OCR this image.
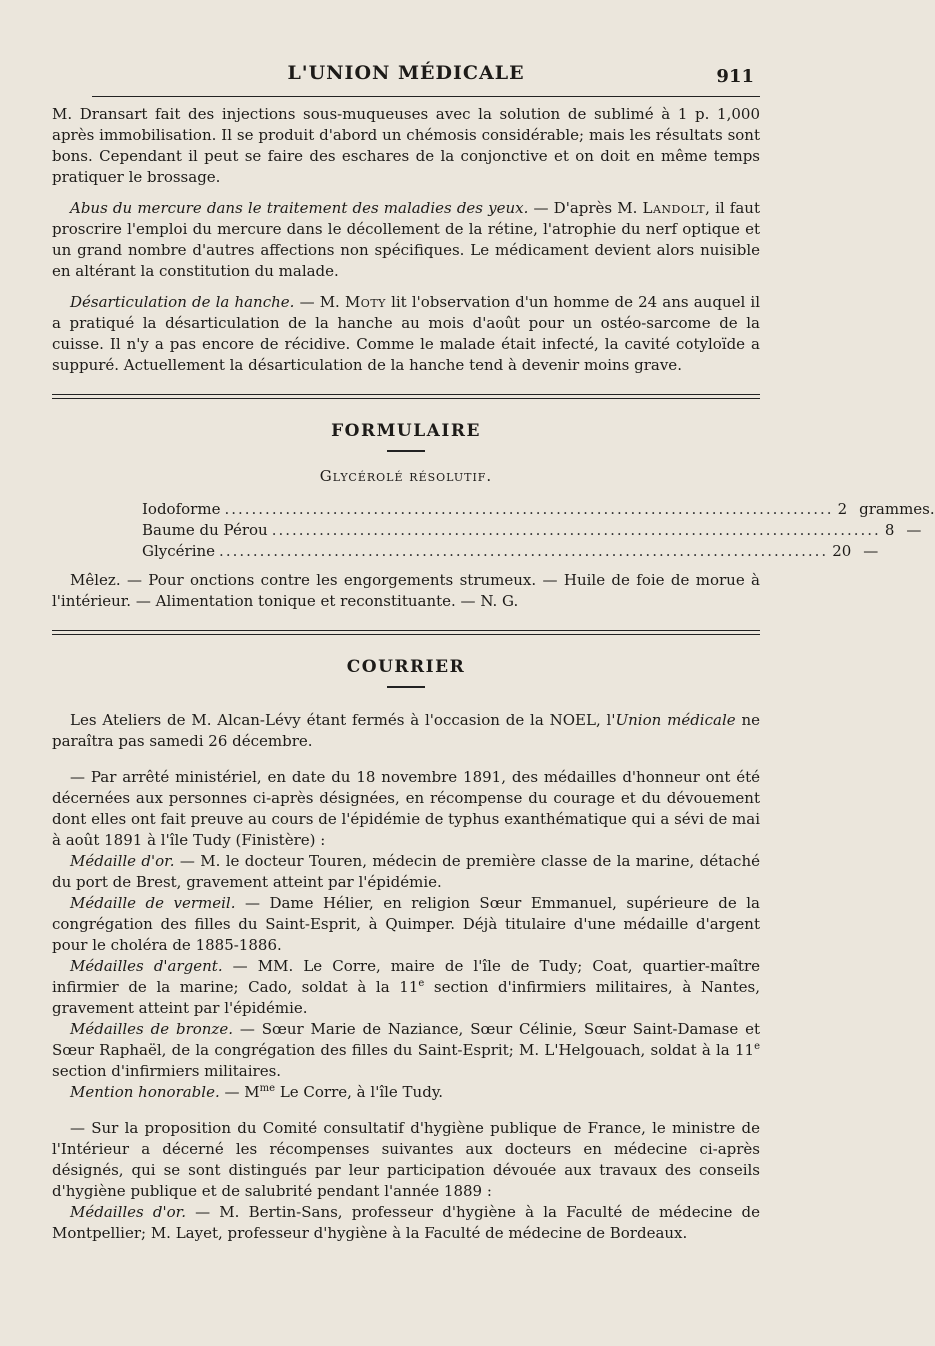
L'UNION MÉDICALE	911

M. Dransart fait des injections sous-muqueuses avec la solution de sublimé à 1 p. 1,000 après immobilisation. Il se produit d'abord un chémosis considérable; mais les résultats sont bons. Cependant il peut se faire des eschares de la conjonctive et on doit en même temps pratiquer le brossage.

Abus du mercure dans le traitement des maladies des yeux. — D'après M. Landolt, il faut proscrire l'emploi du mercure dans le décollement de la rétine, l'atrophie du nerf optique et un grand nombre d'autres affections non spécifiques. Le médicament devient alors nuisible en altérant la constitution du malade.

Désarticulation de la hanche. — M. Moty lit l'observation d'un homme de 24 ans auquel il a pratiqué la désarticulation de la hanche au mois d'août pour un ostéo-sarcome de la cuisse. Il n'y a pas encore de récidive. Comme le malade était infecté, la cavité cotyloïde a suppuré. Actuellement la désarticulation de la hanche tend à devenir moins grave.

FORMULAIRE
Glycérolé résolutif.
Iodoforme .......................................................................................... 2 grammes.
Baume du Pérou .......................................................................................... 8 —
Glycérine .......................................................................................... 20 —

Mêlez. — Pour onctions contre les engorgements strumeux. — Huile de foie de morue à l'intérieur. — Alimentation tonique et reconstituante. — N. G.

COURRIER

Les Ateliers de M. Alcan-Lévy étant fermés à l'occasion de la NOEL, l'Union médicale ne paraîtra pas samedi 26 décembre.

— Par arrêté ministériel, en date du 18 novembre 1891, des médailles d'honneur ont été décernées aux personnes ci-après désignées, en récompense du courage et du dévouement dont elles ont fait preuve au cours de l'épidémie de typhus exanthématique qui a sévi de mai à août 1891 à l'île Tudy (Finistère) :

Médaille d'or. — M. le docteur Touren, médecin de première classe de la marine, détaché du port de Brest, gravement atteint par l'épidémie.

Médaille de vermeil. — Dame Hélier, en religion Sœur Emmanuel, supérieure de la congrégation des filles du Saint-Esprit, à Quimper. Déjà titulaire d'une médaille d'argent pour le choléra de 1885-1886.

Médailles d'argent. — MM. Le Corre, maire de l'île de Tudy; Coat, quartier-maître infirmier de la marine; Cado, soldat à la 11e section d'infirmiers militaires, à Nantes, gravement atteint par l'épidémie.

Médailles de bronze. — Sœur Marie de Naziance, Sœur Célinie, Sœur Saint-Damase et Sœur Raphaël, de la congrégation des filles du Saint-Esprit; M. L'Helgouach, soldat à la 11e section d'infirmiers militaires.

Mention honorable. — $M^{me}$ Le Corre, à l'île Tudy.

— Sur la proposition du Comité consultatif d'hygiène publique de France, le ministre de l'Intérieur a décerné les récompenses suivantes aux docteurs en médecine ci-après désignés, qui se sont distingués par leur participation dévouée aux travaux des conseils d'hygiène publique et de salubrité pendant l'année 1889 :

Médailles d'or. — M. Bertin-Sans, professeur d'hygiène à la Faculté de médecine de Montpellier; M. Layet, professeur d'hygiène à la Faculté de médecine de Bordeaux.
